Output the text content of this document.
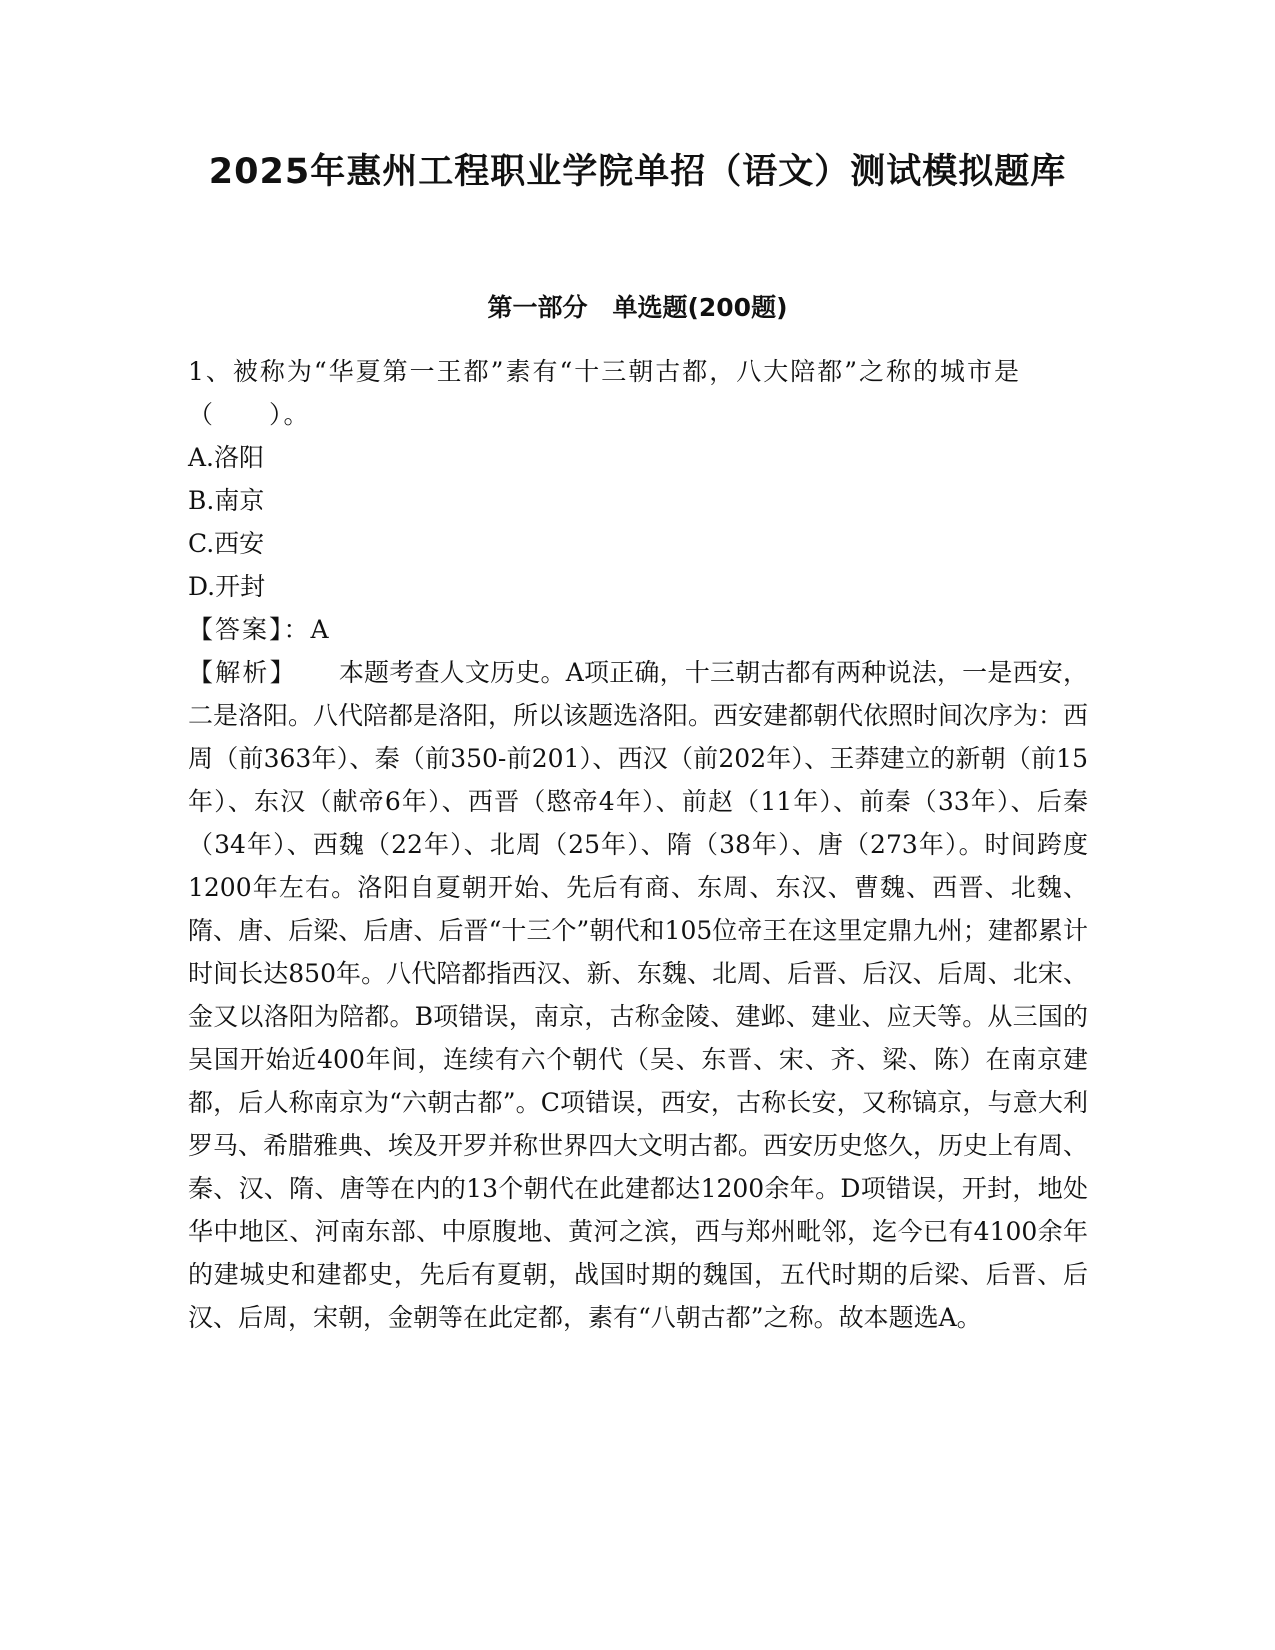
2025年惠州工程职业学院单招（语文）测试模拟题库
第一部分　单选题(200题)

1、被称为“华夏第一王都”素有“十三朝古都，八大陪都”之称的城市是（　　）。

A.洛阳

B.南京

C.西安

D.开封

【答案】：A

【解析】 本题考查人文历史。A项正确，十三朝古都有两种说法，一是西安，二是洛阳。八代陪都是洛阳，所以该题选洛阳。西安建都朝代依照时间次序为：西周（前363年）、秦（前350-前201）、西汉（前202年）、王莽建立的新朝（前15年）、东汉（献帝6年）、西晋（愍帝4年）、前赵（11年）、前秦（33年）、后秦（34年）、西魏（22年）、北周（25年）、隋（38年）、唐（273年）。时间跨度1200年左右。洛阳自夏朝开始、先后有商、东周、东汉、曹魏、西晋、北魏、隋、唐、后梁、后唐、后晋“十三个”朝代和105位帝王在这里定鼎九州；建都累计时间长达850年。八代陪都指西汉、新、东魏、北周、后晋、后汉、后周、北宋、金又以洛阳为陪都。B项错误，南京，古称金陵、建邺、建业、应天等。从三国的吴国开始近400年间，连续有六个朝代（吴、东晋、宋、齐、梁、陈）在南京建都，后人称南京为“六朝古都”。C项错误，西安，古称长安，又称镐京，与意大利罗马、希腊雅典、埃及开罗并称世界四大文明古都。西安历史悠久，历史上有周、秦、汉、隋、唐等在内的13个朝代在此建都达1200余年。D项错误，开封，地处华中地区、河南东部、中原腹地、黄河之滨，西与郑州毗邻，迄今已有4100余年的建城史和建都史，先后有夏朝，战国时期的魏国，五代时期的后梁、后晋、后汉、后周，宋朝，金朝等在此定都，素有“八朝古都”之称。故本题选A。
